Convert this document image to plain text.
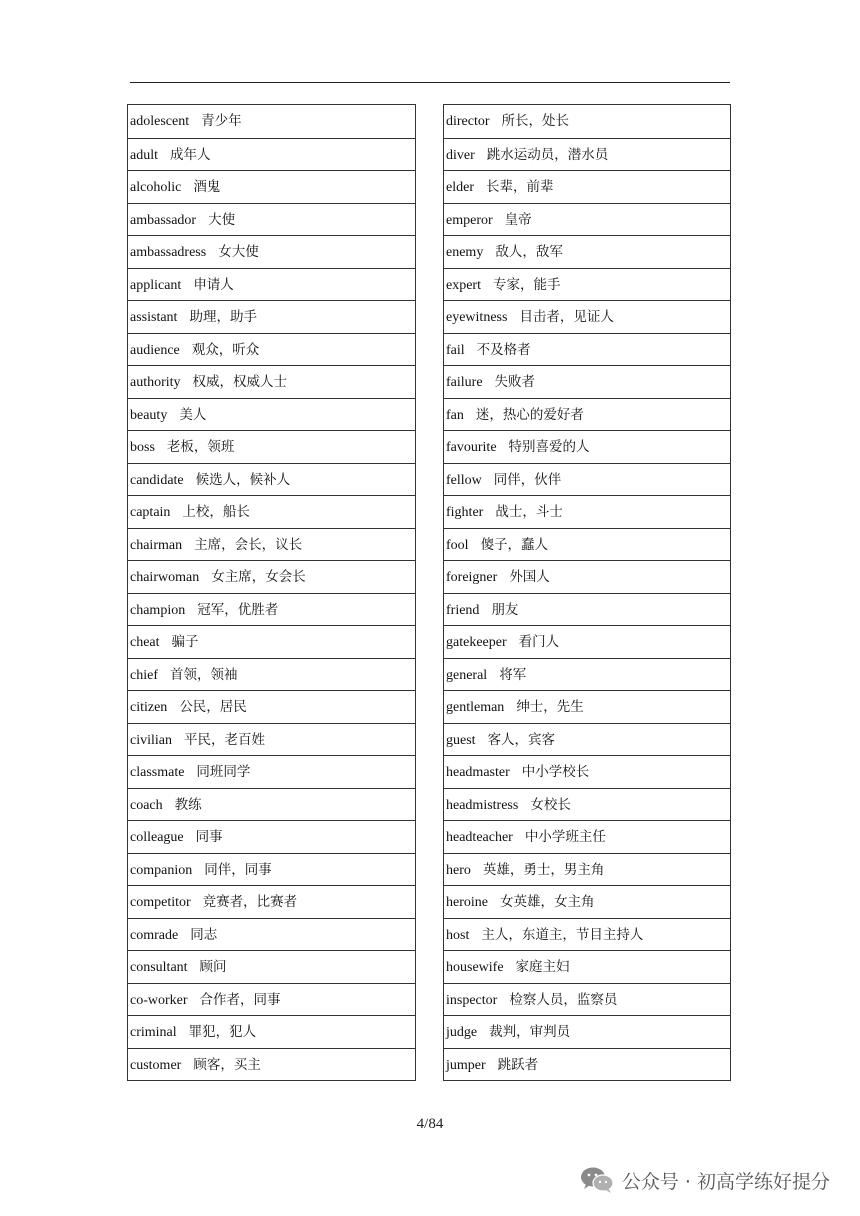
adolescent 青少年
adult 成年人
alcoholic 酒鬼
ambassador 大使
ambassadress 女大使
applicant 申请人
assistant 助理，助手
audience 观众，听众
authority 权威，权威人士
beauty 美人
boss 老板，领班
candidate 候选人，候补人
captain 上校，船长
chairman 主席，会长，议长
chairwoman 女主席，女会长
champion 冠军，优胜者
cheat 骗子
chief 首领，领袖
citizen 公民，居民
civilian 平民，老百姓
classmate 同班同学
coach 教练
colleague 同事
companion 同伴，同事
competitor 竞赛者，比赛者
comrade 同志
consultant 顾问
co-worker 合作者，同事
criminal 罪犯，犯人
customer 顾客，买主
director 所长，处长
diver 跳水运动员，潜水员
elder 长辈，前辈
emperor 皇帝
enemy 敌人，敌军
expert 专家，能手
eyewitness 目击者，见证人
fail 不及格者
failure 失败者
fan 迷，热心的爱好者
favourite 特别喜爱的人
fellow 同伴，伙伴
fighter 战士，斗士
fool 傻子，蠢人
foreigner 外国人
friend 朋友
gatekeeper 看门人
general 将军
gentleman 绅士，先生
guest 客人，宾客
headmaster 中小学校长
headmistress 女校长
headteacher 中小学班主任
hero 英雄，勇士，男主角
heroine 女英雄，女主角
host 主人，东道主，节目主持人
housewife 家庭主妇
inspector 检察人员，监察员
judge 裁判，审判员
jumper 跳跃者
4/84
公众号 · 初高学练好提分
